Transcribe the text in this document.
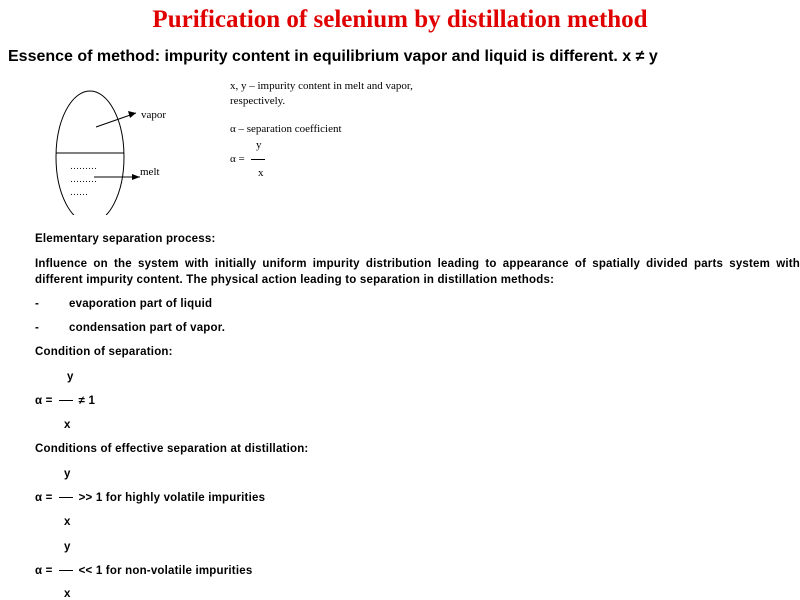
Purification of selenium by distillation method
Essence of method: impurity content in equilibrium vapor and liquid is different. x ≠ y
vapor
melt
………
………
……
x, y – impurity content in melt and vapor,
respectively.
α – separation coefficient
y
α =
x
Elementary separation process:
Influence on the system with initially uniform impurity distribution leading to appearance of spatially divided parts system with different impurity content. The physical action leading to separation in distillation methods:
-	evaporation part of liquid
-	condensation part of vapor.
Condition of separation:
y
α = ≠ 1
x
Conditions of effective separation at distillation:
y
α = >> 1 for highly volatile impurities
x
y
α = << 1 for non-volatile impurities
x
